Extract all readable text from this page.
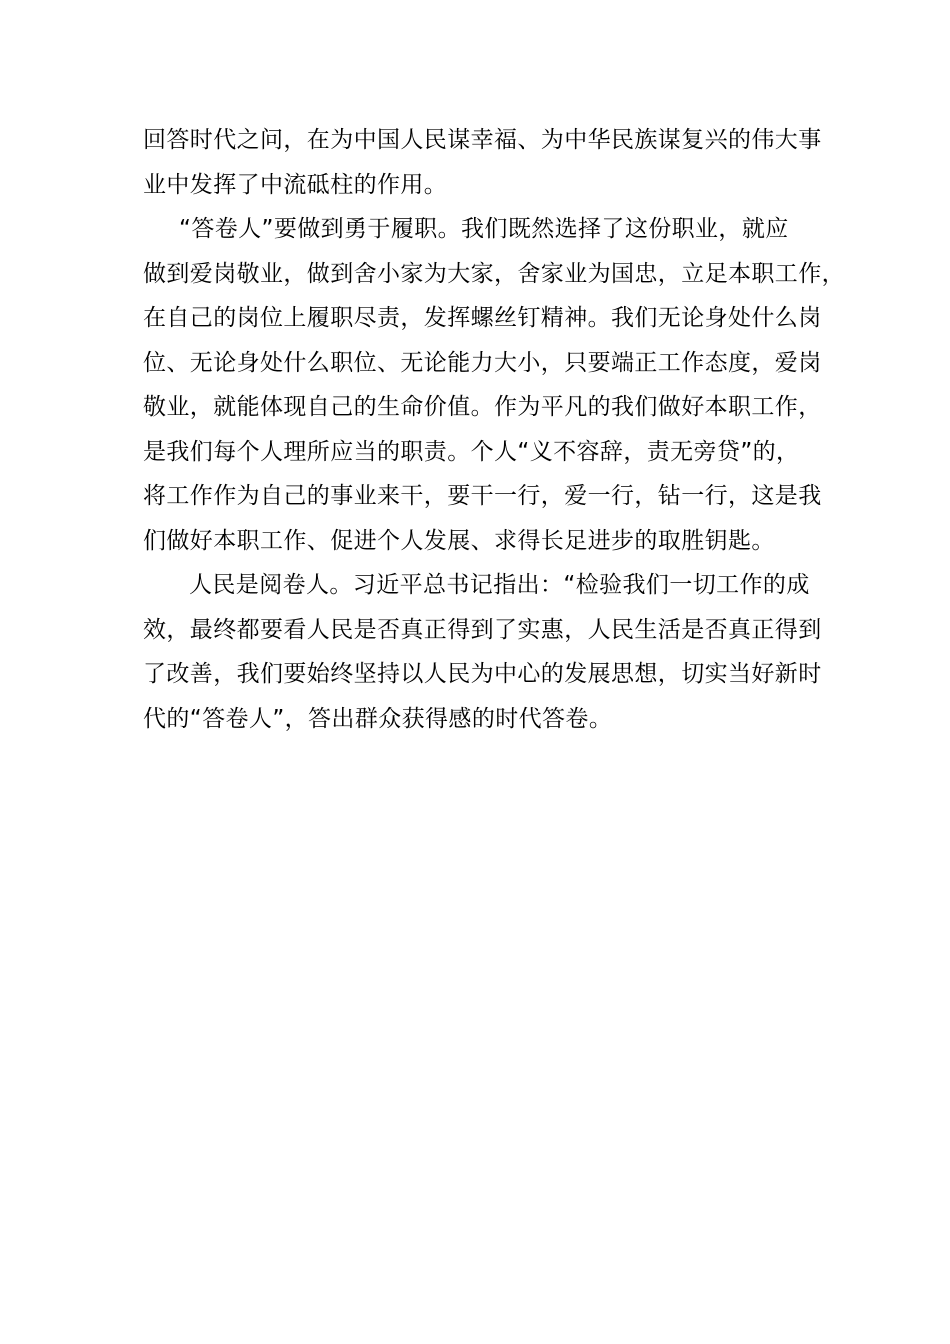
回答时代之问，在为中国人民谋幸福、为中华民族谋复兴的伟大事
业中发挥了中流砥柱的作用。
“答卷人”要做到勇于履职。我们既然选择了这份职业，就应
做到爱岗敬业，做到舍小家为大家，舍家业为国忠，立足本职工作，
在自己的岗位上履职尽责，发挥螺丝钉精神。我们无论身处什么岗
位、无论身处什么职位、无论能力大小，只要端正工作态度，爱岗
敬业，就能体现自己的生命价值。作为平凡的我们做好本职工作，
是我们每个人理所应当的职责。个人“义不容辞，责无旁贷”的，
将工作作为自己的事业来干，要干一行，爱一行，钻一行，这是我
们做好本职工作、促进个人发展、求得长足进步的取胜钥匙。
人民是阅卷人。习近平总书记指出：“检验我们一切工作的成
效，最终都要看人民是否真正得到了实惠，人民生活是否真正得到
了改善，我们要始终坚持以人民为中心的发展思想，切实当好新时
代的“答卷人”，答出群众获得感的时代答卷。
